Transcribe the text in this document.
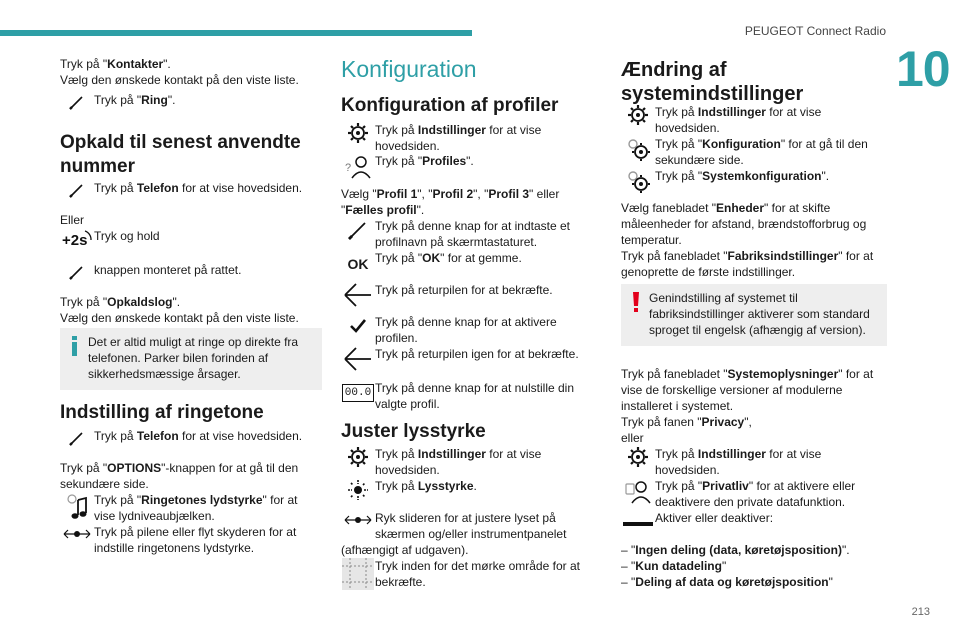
PEUGEOT Connect Radio
10
213

Tryk på "Kontakter".
Vælg den ønskede kontakt på den viste liste.

Tryk på "Ring".
Opkald til senest anvendte nummer
Tryk på Telefon for at vise hovedsiden.

Eller

+2s Tryk og hold
knappen monteret på rattet.

Tryk på "Opkaldslog".
Vælg den ønskede kontakt på den viste liste.

Det er altid muligt at ringe op direkte fra telefonen. Parker bilen forinden af sikkerhedsmæssige årsager.
Indstilling af ringetone
Tryk på Telefon for at vise hovedsiden.

Tryk på "OPTIONS"-knappen for at gå til den sekundære side.

Tryk på "Ringetones lydstyrke" for at vise lydniveaubjælken.
Tryk på pilene eller flyt skyderen for at indstille ringetonens lydstyrke.
Konfiguration
Konfiguration af profiler
Tryk på Indstillinger for at vise hovedsiden.
? Tryk på "Profiles".

Vælg "Profil 1", "Profil 2", "Profil 3" eller "Fælles profil".

Tryk på denne knap for at indtaste et profilnavn på skærmtastaturet.
OK Tryk på "OK" for at gemme.
Tryk på returpilen for at bekræfte.
Tryk på denne knap for at aktivere profilen.
Tryk på returpilen igen for at bekræfte.
00.0 Tryk på denne knap for at nulstille din valgte profil.
Juster lysstyrke
Tryk på Indstillinger for at vise hovedsiden.
Tryk på Lysstyrke.
Ryk slideren for at justere lyset på skærmen og/eller instrumentpanelet

(afhængigt af udgaven).

Tryk inden for det mørke område for at bekræfte.
Ændring af systemindstillinger
Tryk på Indstillinger for at vise hovedsiden.
Tryk på "Konfiguration" for at gå til den sekundære side.
Tryk på "Systemkonfiguration".

Vælg fanebladet "Enheder" for at skifte måleenheder for afstand, brændstofforbrug og temperatur.

Tryk på fanebladet "Fabriksindstillinger" for at genoprette de første indstillinger.

Genindstilling af systemet til fabriksindstillinger aktiverer som standard sproget til engelsk (afhængig af version).

Tryk på fanebladet "Systemoplysninger" for at vise de forskellige versioner af modulerne installeret i systemet.

Tryk på fanen "Privacy",
eller

Tryk på Indstillinger for at vise hovedsiden.
Tryk på "Privatliv" for at aktivere eller deaktivere den private datafunktion.
Aktiver eller deaktiver:
– "Ingen deling (data, køretøjsposition)".
– "Kun datadeling"
– "Deling af data og køretøjsposition"
